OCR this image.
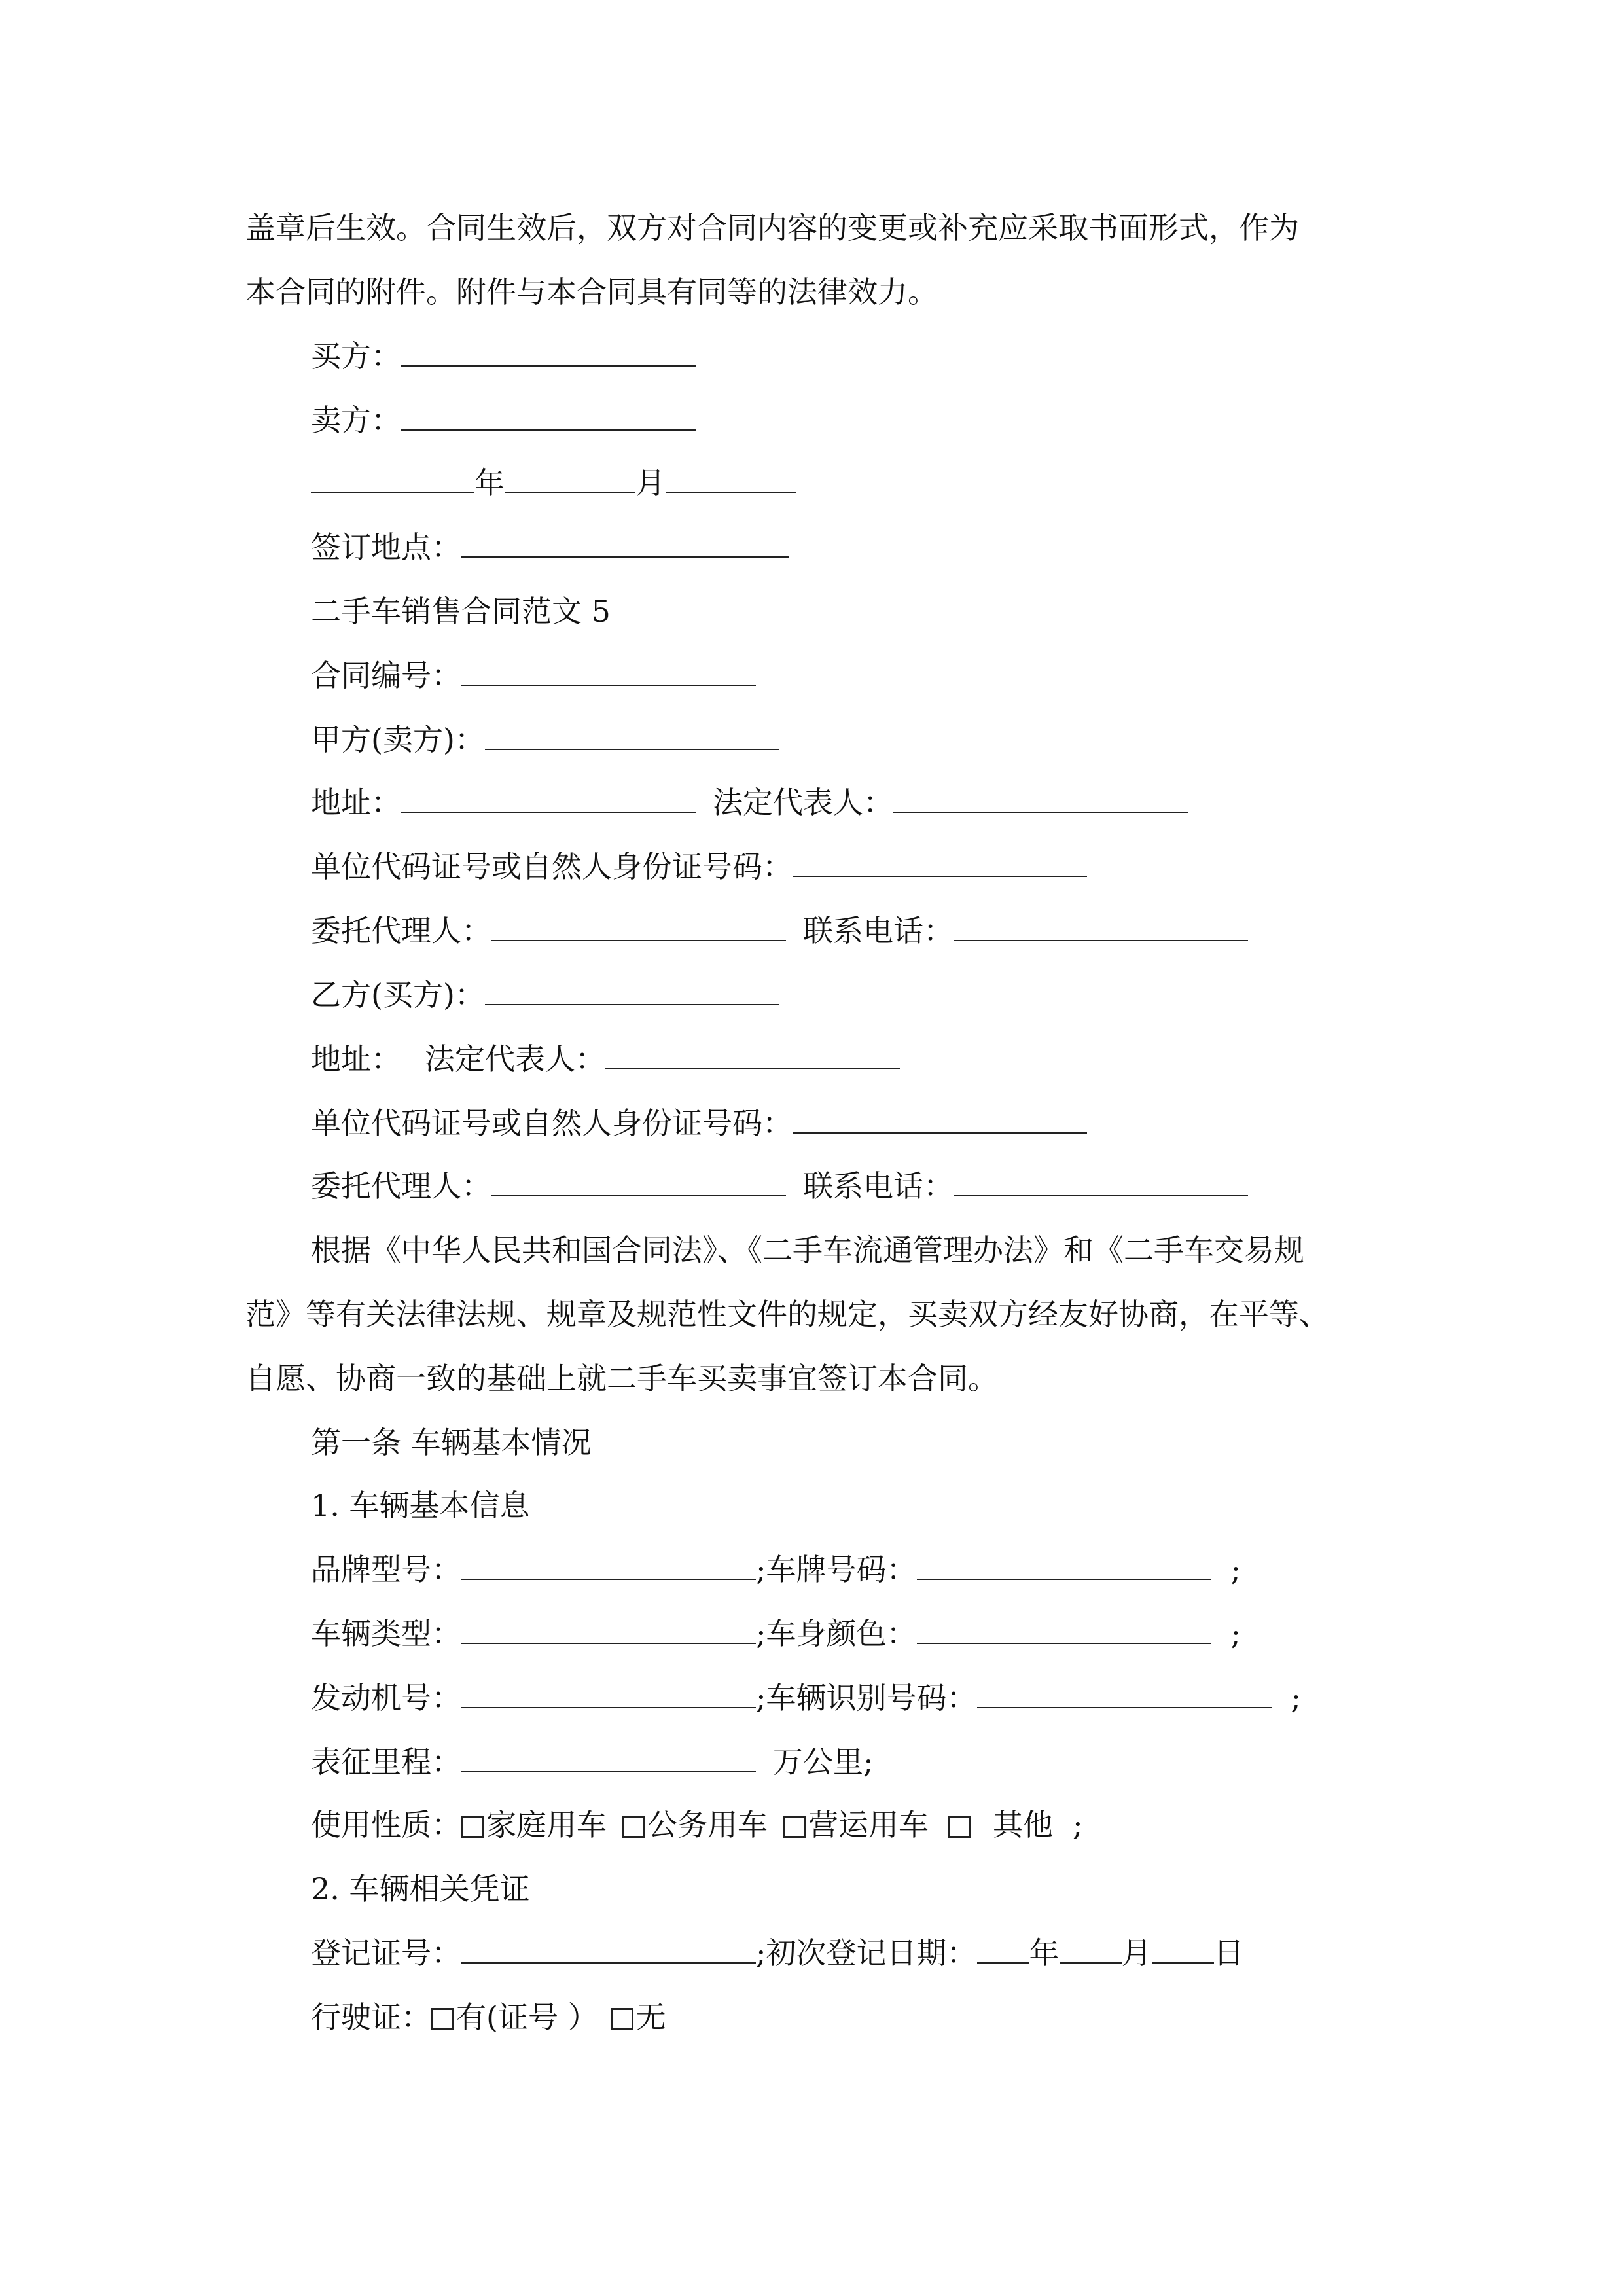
盖章后生效。合同生效后，双方对合同内容的变更或补充应采取书面形式，作为
本合同的附件。附件与本合同具有同等的法律效力。
买方：
卖方：
年	月
签订地点：
二手车销售合同范文 5
合同编号：
甲方(卖方)：
地址：	法定代表人：
单位代码证号或自然人身份证号码：
委托代理人：	联系电话：
乙方(买方)：
地址： 法定代表人：
单位代码证号或自然人身份证号码：
委托代理人：	联系电话：
根据《中华人民共和国合同法》、《二手车流通管理办法》和《二手车交易规
范》等有关法律法规、规章及规范性文件的规定，买卖双方经友好协商，在平等、
自愿、协商一致的基础上就二手车买卖事宜签订本合同。
第一条 车辆基本情况
1. 车辆基本信息
品牌型号：	;车牌号码：	;
车辆类型：	;车身颜色：	;
发动机号：	;车辆识别号码：	;
表征里程：	万公里;
使用性质： 家庭用车 公务用车 营运用车 其他 ;
2. 车辆相关凭证
登记证号：	;初次登记日期： 年 月 日
行驶证： 有(证号 ） 无
